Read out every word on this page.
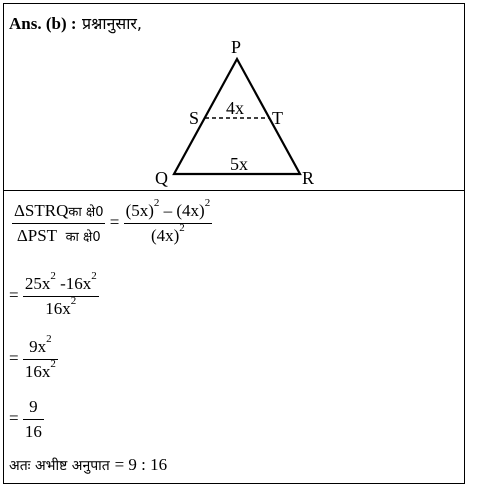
Ans. (b) : प्रश्नानुसार,
P
Q	R
S	T
4x
5x
$\frac{\text{ΔSTRQका क्षे0}}{\text{ΔPST का क्षे0}} = \frac{(5x)^2 - (4x)^2}{(4x)^2}$
= $\frac{25x^2 -16x^2}{16x^2}$
= $\frac{9x^2}{16x^2}$
= $\frac{9}{16}$
अतः अभीष्ट अनुपात = 9 : 16
